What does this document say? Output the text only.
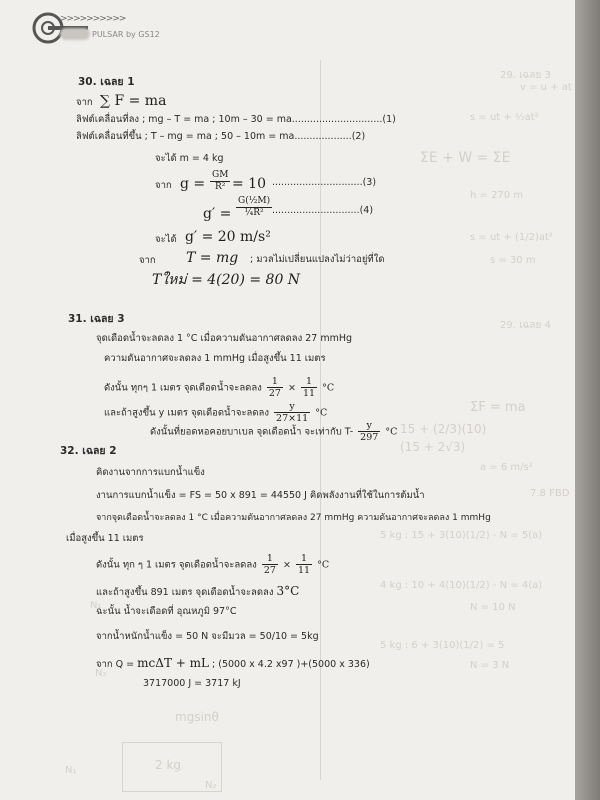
29. เฉลย 3
v = u + at
s = ut + ½at²
ΣE + W = ΣE
h = 270 m
s = ut + (1/2)at²
s = 30 m
29. เฉลย 4
ΣF = ma
15 + (2/3)(10)
(15 + 2√3)
a = 6 m/s²
7.8 FBD
5 kg : 15 + 3(10)(1/2) - N = 5(a)
N = 10 N
4 kg : 10 + 4(10)(1/2) - N = 4(a)
5 kg : 6 + 3(10)(1/2) = 5
N = 3 N
mgsinθ
2 kg
N₁
N₂
N₁
N₂
>>>>>>>>>>
PULSAR by GS12
30. เฉลย 1
จาก ∑ F = ma
ลิฟต์เคลื่อนที่ลง ; mg – T = ma ; 10m – 30 = ma..............................(1)
ลิฟต์เคลื่อนที่ขึ้น ; T – mg = ma ; 50 – 10m = ma...................(2)
จะได้ m = 4 kg
จาก $g = \frac{GM}{\text{R²}} = 10$ ..............................(3)
$g' = \frac{\text{G(½M)}}{\text{¼R²}} .............................(4)$
จะได้ g′ = 20 m/s²
จาก T = mg ; มวลไม่เปลี่ยนแปลงไม่ว่าอยู่ที่ใด
Tใหม่ = 4(20) = 80 N
31. เฉลย 3
จุดเดือดน้ำจะลดลง 1 °C เมื่อความดันอากาศลดลง 27 mmHg
ความดันอากาศจะลดลง 1 mmHg เมื่อสูงขึ้น 11 เมตร
ดังนั้น ทุกๆ 1 เมตร จุดเดือดน้ำจะลดลง $\frac{1}{27} \times \frac{1}{11} ^\circ C$
และถ้าสูงขึ้น y เมตร จุดเดือดน้ำจะลดลง $\frac{y}{27\times 11} ^\circ C$
ดังนั้นที่ยอดหอคอยบาเบล จุดเดือดน้ำ จะเท่ากับ $T- \frac{y}{297} ^\circ C$
32. เฉลย 2
คิดงานจากการแบกน้ำแข็ง
งานการแบกน้ำแข็ง = FS = 50 x 891 = 44550 J คิดพลังงานที่ใช้ในการต้มน้ำ
จากจุดเดือดน้ำจะลดลง 1 °C เมื่อความดันอากาศลดลง 27 mmHg ความดันอากาศจะลดลง 1 mmHg
เมื่อสูงขึ้น 11 เมตร
ดังนั้น ทุก ๆ 1 เมตร จุดเดือดน้ำจะลดลง $\frac{1}{27} \times \frac{1}{11} ^\circ C$
และถ้าสูงขึ้น 891 เมตร จุดเดือดน้ำจะลดลง 3°C
ฉะนั้น น้ำจะเดือดที่ อุณหภูมิ 97°C
จากน้ำหนักน้ำแข็ง = 50 N จะมีมวล = 50/10 = 5kg
จาก Q = mcΔT + mL ; (5000 x 4.2 x97 )+(5000 x 336)
3717000 J = 3717 kJ
